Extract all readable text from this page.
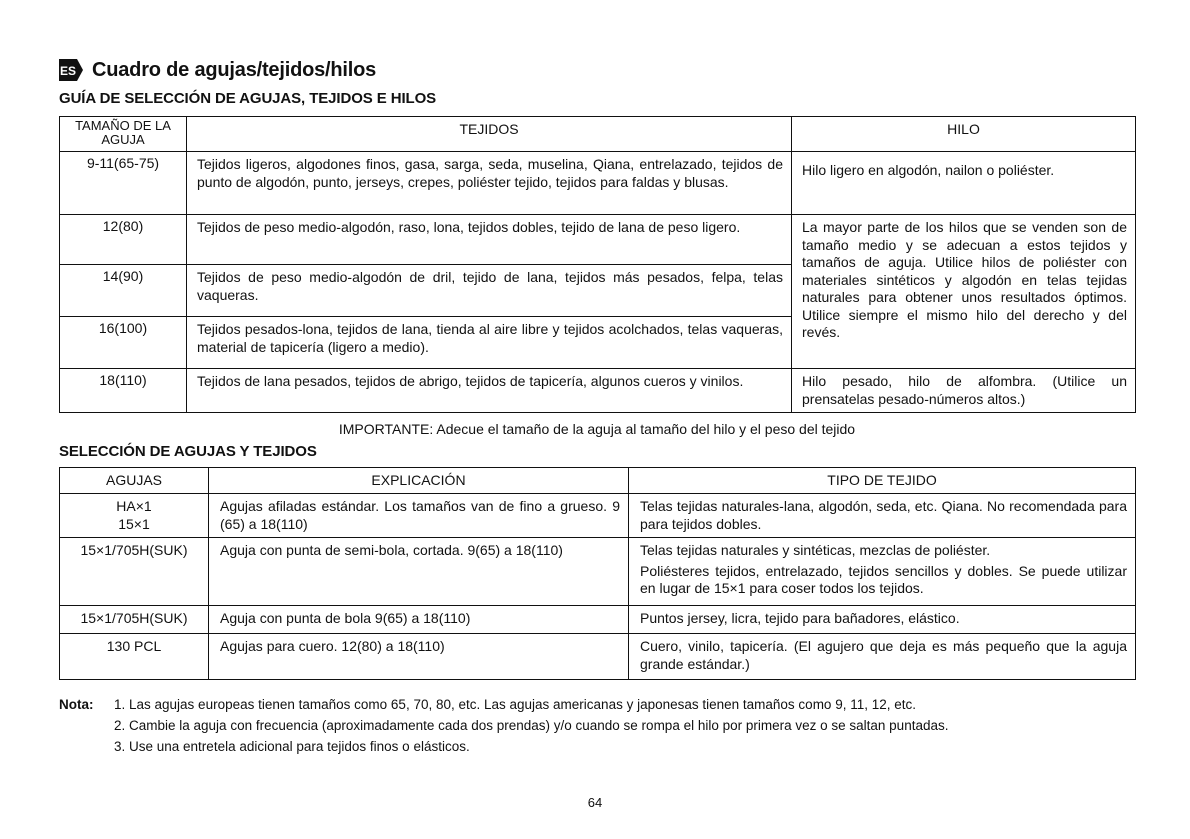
ES Cuadro de agujas/tejidos/hilos
GUÍA DE SELECCIÓN DE AGUJAS, TEJIDOS E HILOS
TAMAÑO DE LA
AGUJA	TEJIDOS	HILO
9-11(65-75)	Tejidos ligeros, algodones finos, gasa, sarga, seda, muselina, Qiana, entrelazado, tejidos de punto de algodón, punto, jerseys, crepes, poliéster tejido, tejidos para faldas y blusas.	Hilo ligero en algodón, nailon o poliéster.
12(80)	Tejidos de peso medio-algodón, raso, lona, tejidos dobles, tejido de lana de peso ligero.	La mayor parte de los hilos que se venden son de tamaño medio y se adecuan a estos tejidos y tamaños de aguja. Utilice hilos de poliéster con materiales sintéticos y algodón en telas tejidas naturales para obtener unos resultados óptimos. Utilice siempre el mismo hilo del derecho y del revés.
14(90)	Tejidos de peso medio-algodón de dril, tejido de lana, tejidos más pesados, felpa, telas vaqueras.	
16(100)	Tejidos pesados-lona, tejidos de lana, tienda al aire libre y tejidos acolchados, telas vaqueras, material de tapicería (ligero a medio).	
18(110)	Tejidos de lana pesados, tejidos de abrigo, tejidos de tapicería, algunos cueros y vinilos.	Hilo pesado, hilo de alfombra. (Utilice un prensatelas pesado-números altos.)
IMPORTANTE: Adecue el tamaño de la aguja al tamaño del hilo y el peso del tejido
SELECCIÓN DE AGUJAS Y TEJIDOS
AGUJAS	EXPLICACIÓN	TIPO DE TEJIDO

HA×1
15×1	Agujas afiladas estándar. Los tamaños van de fino a grueso. 9 (65) a 18(110)	Telas tejidas naturales-lana, algodón, seda, etc. Qiana. No recomendada para para tejidos dobles.
15×1/705H(SUK)	Aguja con punta de semi-bola, cortada. 9(65) a 18(110)	Telas tejidas naturales y sintéticas, mezclas de poliéster.
Poliésteres tejidos, entrelazado, tejidos sencillos y dobles. Se puede utilizar en lugar de 15×1 para coser todos los tejidos.

15×1/705H(SUK)	Aguja con punta de bola 9(65) a 18(110)	Puntos jersey, licra, tejido para bañadores, elástico.
130 PCL	Agujas para cuero. 12(80) a 18(110)	Cuero, vinilo, tapicería. (El agujero que deja es más pequeño que la aguja grande estándar.)
Nota: 1. Las agujas europeas tienen tamaños como 65, 70, 80, etc. Las agujas americanas y japonesas tienen tamaños como 9, 11, 12, etc.
2. Cambie la aguja con frecuencia (aproximadamente cada dos prendas) y/o cuando se rompa el hilo por primera vez o se saltan puntadas.
3. Use una entretela adicional para tejidos finos o elásticos.
64
